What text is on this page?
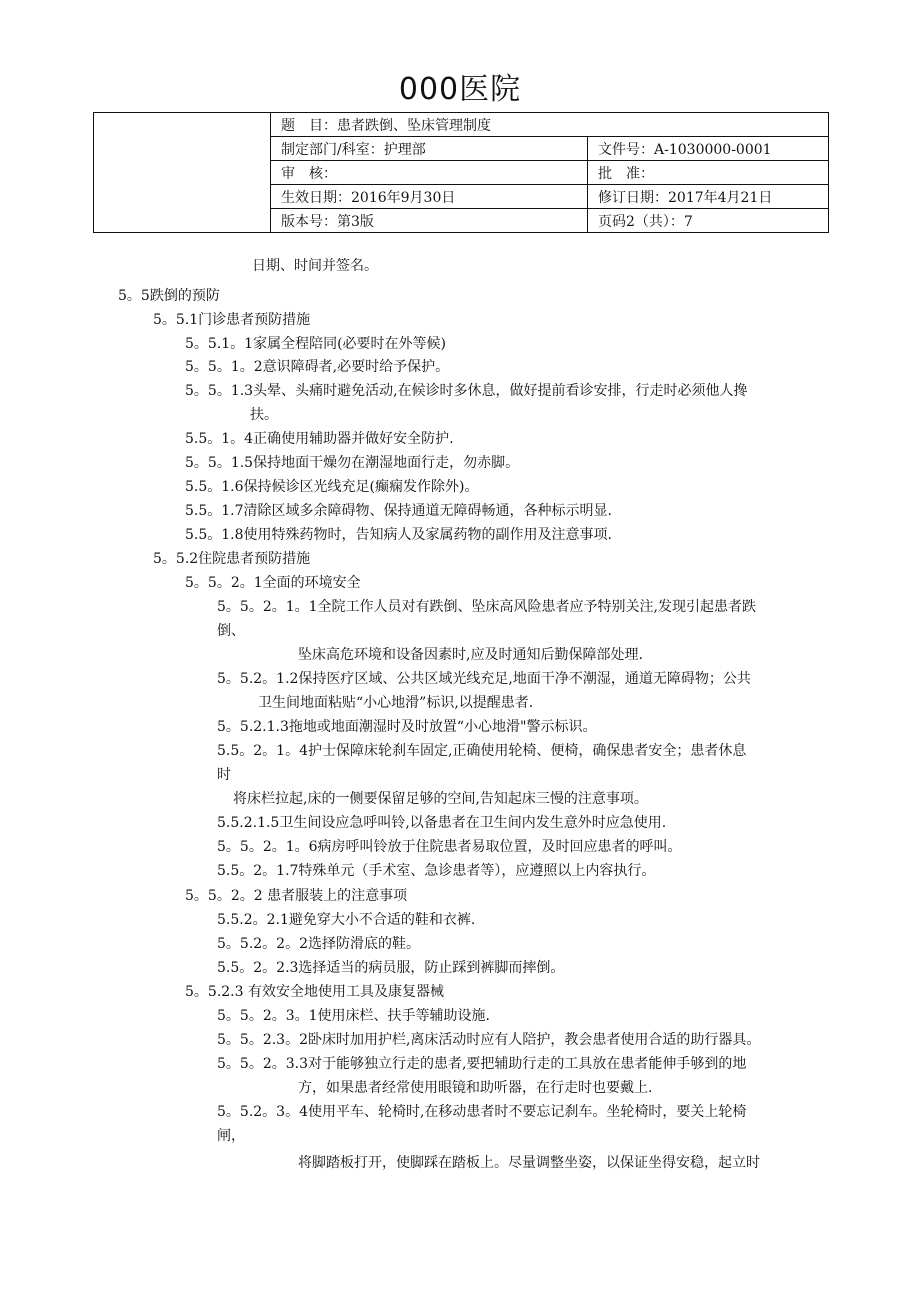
000医院
	题　目：患者跌倒、坠床管理制度	
	制定部门/科室：护理部	文件号：A-1030000-0001
	审　核：	批　准：
	生效日期：2016年9月30日	修订日期：2017年4月21日
	版本号：第3版	页码2（共）：7
日期、时间并签名。
5。5跌倒的预防
5。5.1门诊患者预防措施
5。5.1。1家属全程陪同(必要时在外等候)
5。5。1。2意识障碍者,必要时给予保护。
5。5。1.3头晕、头痛时避免活动,在候诊时多休息，做好提前看诊安排，行走时必须他人搀
扶。
5.5。1。4正确使用辅助器并做好安全防护.
5。5。1.5保持地面干燥勿在潮湿地面行走，勿赤脚。
5.5。1.6保持候诊区光线充足(癫痫发作除外)。
5.5。1.7清除区域多余障碍物、保持通道无障碍畅通，各种标示明显.
5.5。1.8使用特殊药物时，告知病人及家属药物的副作用及注意事项.
5。5.2住院患者预防措施
5。5。2。1全面的环境安全
5。5。2。1。1全院工作人员对有跌倒、坠床高风险患者应予特别关注,发现引起患者跌
倒、
坠床高危环境和设备因素时,应及时通知后勤保障部处理.
5。5.2。1.2保持医疗区域、公共区域光线充足,地面干净不潮湿，通道无障碍物；公共
卫生间地面粘贴“小心地滑”标识,以提醒患者.
5。5.2.1.3拖地或地面潮湿时及时放置“小心地滑"警示标识。
5.5。2。1。4护士保障床轮刹车固定,正确使用轮椅、便椅，确保患者安全；患者休息
时
将床栏拉起,床的一侧要保留足够的空间,告知起床三慢的注意事项。
5.5.2.1.5卫生间设应急呼叫铃,以备患者在卫生间内发生意外时应急使用.
5。5。2。1。6病房呼叫铃放于住院患者易取位置，及时回应患者的呼叫。
5.5。2。1.7特殊单元（手术室、急诊患者等），应遵照以上内容执行。
5。5。2。2 患者服装上的注意事项
5.5.2。2.1避免穿大小不合适的鞋和衣裤.
5。5.2。2。2选择防滑底的鞋。
5.5。2。2.3选择适当的病员服，防止踩到裤脚而摔倒。
5。5.2.3 有效安全地使用工具及康复器械
5。5。2。3。1使用床栏、扶手等辅助设施.
5。5。2.3。2卧床时加用护栏,离床活动时应有人陪护，教会患者使用合适的助行器具。
5。5。2。3.3对于能够独立行走的患者,要把辅助行走的工具放在患者能伸手够到的地
方，如果患者经常使用眼镜和助听器，在行走时也要戴上.
5。5.2。3。4使用平车、轮椅时,在移动患者时不要忘记刹车。坐轮椅时，要关上轮椅
闸，
将脚踏板打开，使脚踩在踏板上。尽量调整坐姿，以保证坐得安稳，起立时
